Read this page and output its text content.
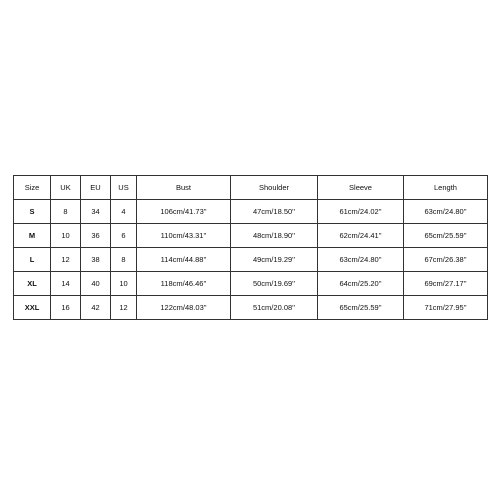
Size	UK	EU	US	Bust	Shoulder	Sleeve	Length
S	8	34	4	106cm/41.73''	47cm/18.50''	61cm/24.02''	63cm/24.80''
M	10	36	6	110cm/43.31''	48cm/18.90''	62cm/24.41''	65cm/25.59''
L	12	38	8	114cm/44.88''	49cm/19.29''	63cm/24.80''	67cm/26.38''
XL	14	40	10	118cm/46.46''	50cm/19.69''	64cm/25.20''	69cm/27.17''
XXL	16	42	12	122cm/48.03''	51cm/20.08''	65cm/25.59''	71cm/27.95''
